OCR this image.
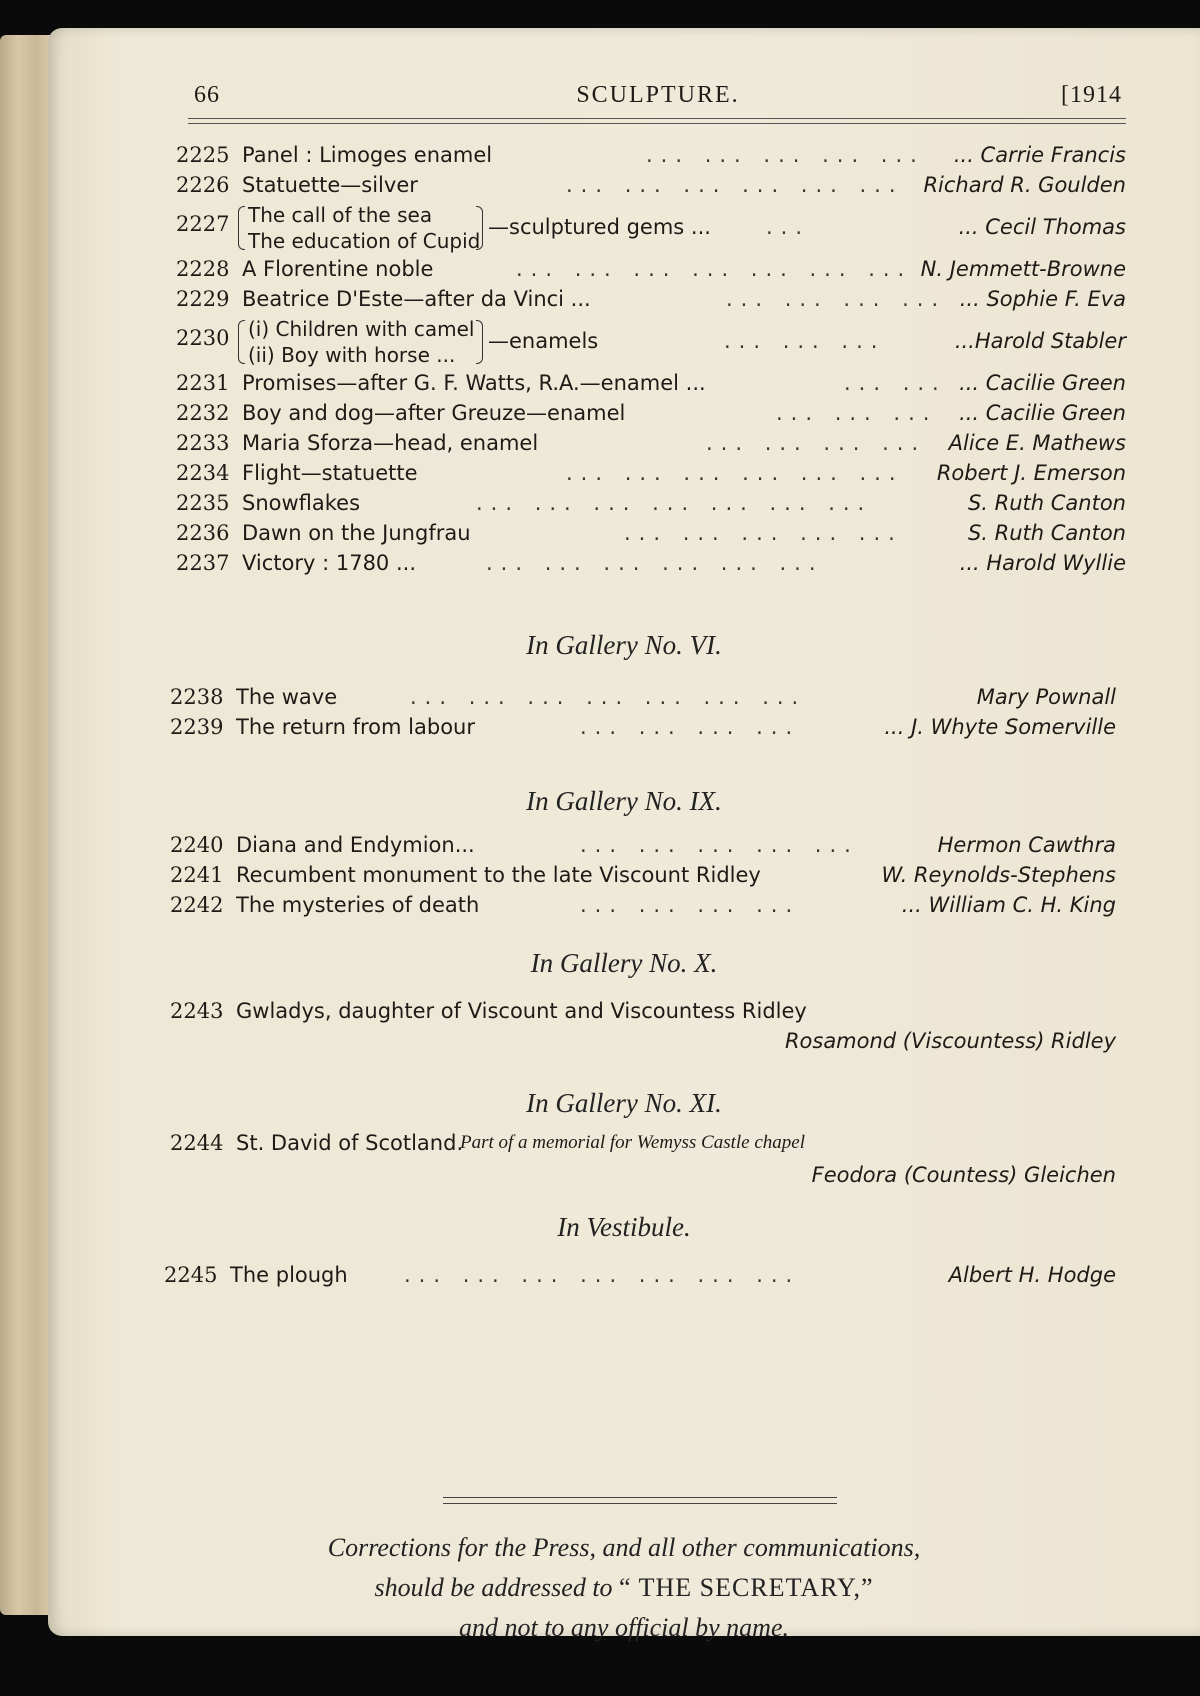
66	SCULPTURE.	[1914
2225 Panel : Limoges enamel	... ... ... ... ... ... Carrie Francis
2226 Statuette—silver	... ... ... ... ... ... Richard R. Goulden
2227 The call of the sea
The education of Cupid
—sculptured gems ...	...	... Cecil Thomas
2228 A Florentine noble	... ... ... ... ... ... ... N. Jemmett-Browne
2229 Beatrice D'Este—after da Vinci ...	... ... ... ... ... Sophie F. Eva
2230 (i) Children with camel
(ii) Boy with horse ...
—enamels	... ... ...	...Harold Stabler
2231 Promises—after G. F. Watts, R.A.—enamel ...	... ... ... Cacilie Green
2232 Boy and dog—after Greuze—enamel	... ... ... ... Cacilie Green
2233 Maria Sforza—head, enamel	... ... ... ... Alice E. Mathews
2234 Flight—statuette	... ... ... ... ... ... Robert J. Emerson
2235 Snowflakes	... ... ... ... ... ... ...	S. Ruth Canton
2236 Dawn on the Jungfrau	... ... ... ... ...	S. Ruth Canton
2237 Victory : 1780 ...	... ... ... ... ... ...	... Harold Wyllie
In Gallery No. VI.
2238 The wave	... ... ... ... ... ... ...	Mary Pownall
2239 The return from labour	... ... ... ...	... J. Whyte Somerville
In Gallery No. IX.
2240 Diana and Endymion...	... ... ... ... ...	Hermon Cawthra
2241 Recumbent monument to the late Viscount Ridley	W. Reynolds-Stephens
2242 The mysteries of death	... ... ... ...	... William C. H. King
In Gallery No. X.
2243 Gwladys, daughter of Viscount and Viscountess Ridley
Rosamond (Viscountess) Ridley
In Gallery No. XI.
2244 St. David of Scotland.
Part of a memorial for Wemyss Castle chapel
Feodora (Countess) Gleichen
In Vestibule.
2245 The plough	... ... ... ... ... ... ...	Albert H. Hodge
Corrections for the Press, and all other communications,
should be addressed to “ THE SECRETARY,”
and not to any official by name.
